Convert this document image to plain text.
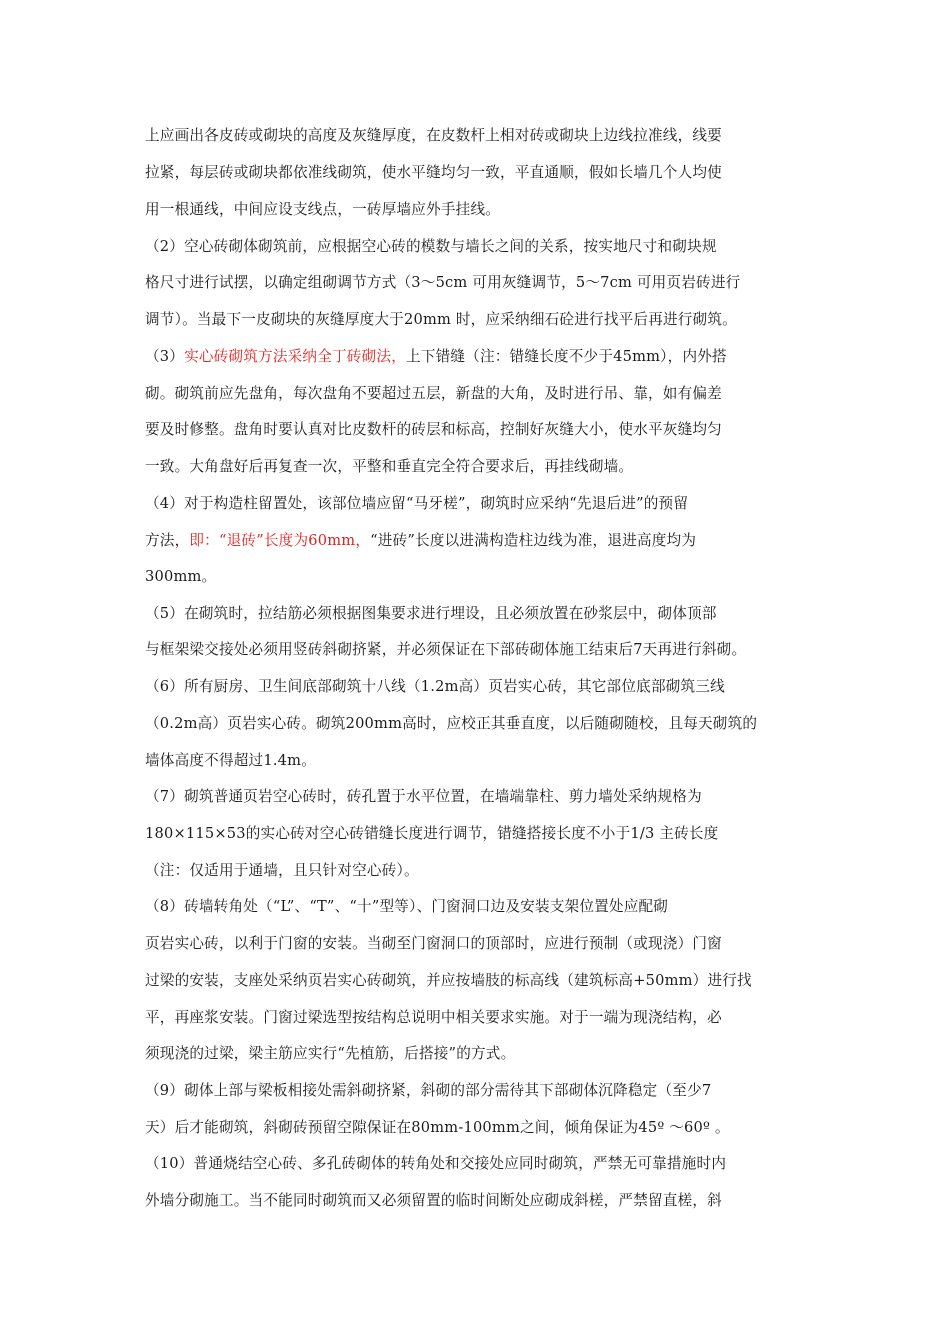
上应画出各皮砖或砌块的高度及灰缝厚度，在皮数杆上相对砖或砌块上边线拉准线，线要
拉紧，每层砖或砌块都依准线砌筑，使水平缝均匀一致，平直通顺，假如长墙几个人均使
用一根通线，中间应设支线点，一砖厚墙应外手挂线。
（2）空心砖砌体砌筑前，应根据空心砖的模数与墙长之间的关系，按实地尺寸和砌块规
格尺寸进行试摆，以确定组砌调节方式（3～5cm 可用灰缝调节，5～7cm 可用页岩砖进行
调节）。当最下一皮砌块的灰缝厚度大于20mm 时，应采纳细石砼进行找平后再进行砌筑。
（3）实心砖砌筑方法采纳全丁砖砌法，上下错缝（注：错缝长度不少于45mm），内外搭
砌。砌筑前应先盘角，每次盘角不要超过五层，新盘的大角，及时进行吊、靠，如有偏差
要及时修整。盘角时要认真对比皮数杆的砖层和标高，控制好灰缝大小，使水平灰缝均匀
一致。大角盘好后再复查一次，平整和垂直完全符合要求后，再挂线砌墙。
（4）对于构造柱留置处，该部位墙应留“马牙槎”，砌筑时应采纳“先退后进”的预留
方法，即：“退砖”长度为60mm，“进砖”长度以进满构造柱边线为准，退进高度均为
300mm。
（5）在砌筑时，拉结筋必须根据图集要求进行埋设，且必须放置在砂浆层中，砌体顶部
与框架梁交接处必须用竖砖斜砌挤紧，并必须保证在下部砖砌体施工结束后7天再进行斜砌。
（6）所有厨房、卫生间底部砌筑十八线（1.2m高）页岩实心砖，其它部位底部砌筑三线
（0.2m高）页岩实心砖。砌筑200mm高时，应校正其垂直度，以后随砌随校，且每天砌筑的
墙体高度不得超过1.4m。
（7）砌筑普通页岩空心砖时，砖孔置于水平位置，在墙端靠柱、剪力墙处采纳规格为
180×115×53的实心砖对空心砖错缝长度进行调节，错缝搭接长度不小于1/3 主砖长度
（注：仅适用于通墙，且只针对空心砖）。
（8）砖墙转角处（“L”、“T”、“十”型等）、门窗洞口边及安装支架位置处应配砌
页岩实心砖，以利于门窗的安装。当砌至门窗洞口的顶部时，应进行预制（或现浇）门窗
过梁的安装，支座处采纳页岩实心砖砌筑，并应按墙肢的标高线（建筑标高+50mm）进行找
平，再座浆安装。门窗过梁选型按结构总说明中相关要求实施。对于一端为现浇结构，必
须现浇的过梁，梁主筋应实行“先植筋，后搭接”的方式。
（9）砌体上部与梁板相接处需斜砌挤紧，斜砌的部分需待其下部砌体沉降稳定（至少7
天）后才能砌筑，斜砌砖预留空隙保证在80mm-100mm之间，倾角保证为45º ～60º 。
（10）普通烧结空心砖、多孔砖砌体的转角处和交接处应同时砌筑，严禁无可靠措施时内
外墙分砌施工。当不能同时砌筑而又必须留置的临时间断处应砌成斜槎，严禁留直槎，斜
